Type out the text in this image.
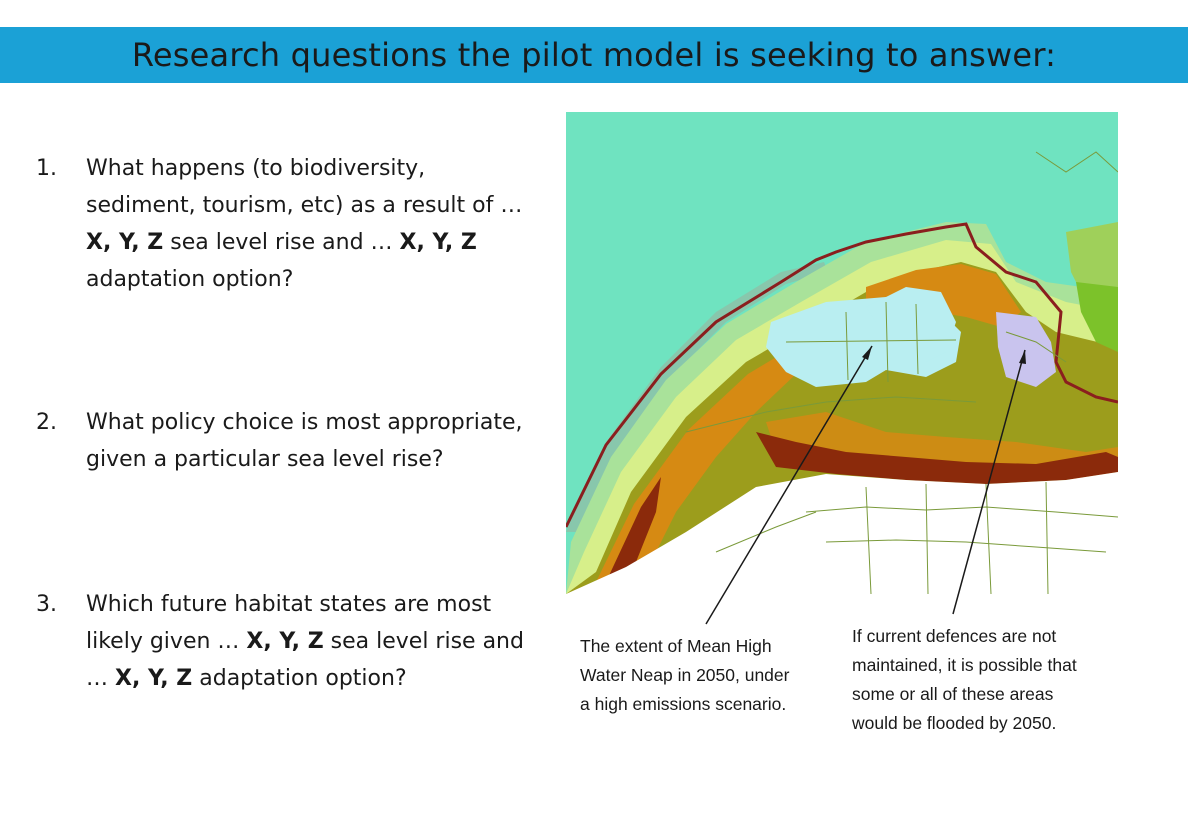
Research questions the pilot model is seeking to answer:
1. What happens (to biodiversity, sediment, tourism, etc) as a result of … X, Y, Z sea level rise and … X, Y, Z adaptation option?
2. What policy choice is most appropriate, given a particular sea level rise?
3. Which future habitat states are most likely given … X, Y, Z sea level rise and … X, Y, Z adaptation option?
The extent of Mean High Water Neap in 2050, under a high emissions scenario.
If current defences are not maintained, it is possible that some or all of these areas would be flooded by 2050.
